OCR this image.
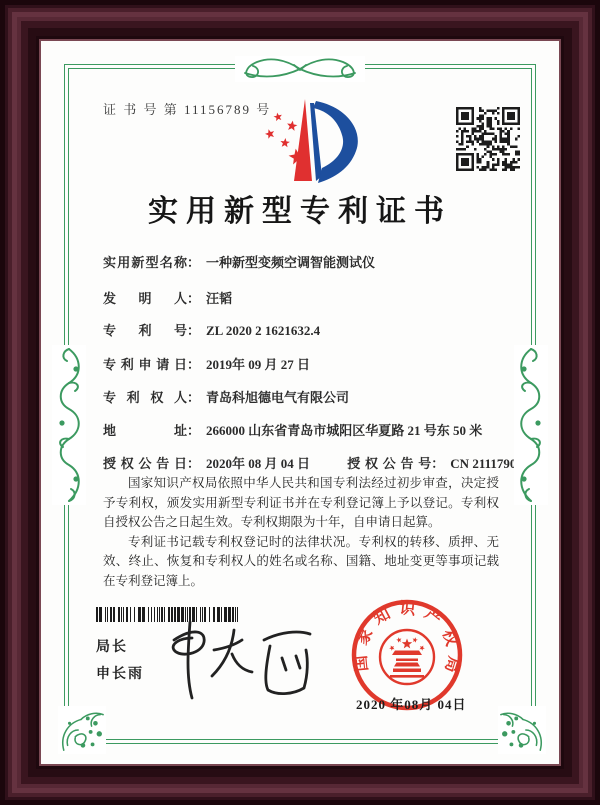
证 书 号 第 11156789 号
实用新型专利证书
实用新型名称： 一种新型变频空调智能测试仪
发明人： 汪韬
专利号： ZL 2020 2 1621632.4
专利申请日： 2019年 09 月 27 日
专利权人： 青岛科旭德电气有限公司
地址： 266000 山东省青岛市城阳区华夏路 21 号东 50 米
授权公告日： 2020年 08 月 04 日	授权公告号： CN 211179001 U

国家知识产权局依照中华人民共和国专利法经过初步审查，决定授予专利权，颁发实用新型专利证书并在专利登记簿上予以登记。专利权自授权公告之日起生效。专利权期限为十年，自申请日起算。

专利证书记载专利权登记时的法律状况。专利权的转移、质押、无效、终止、恢复和专利权人的姓名或名称、国籍、地址变更等事项记载在专利登记簿上。

局长
申长雨
国家知识产权局
2020 年08月 04日
